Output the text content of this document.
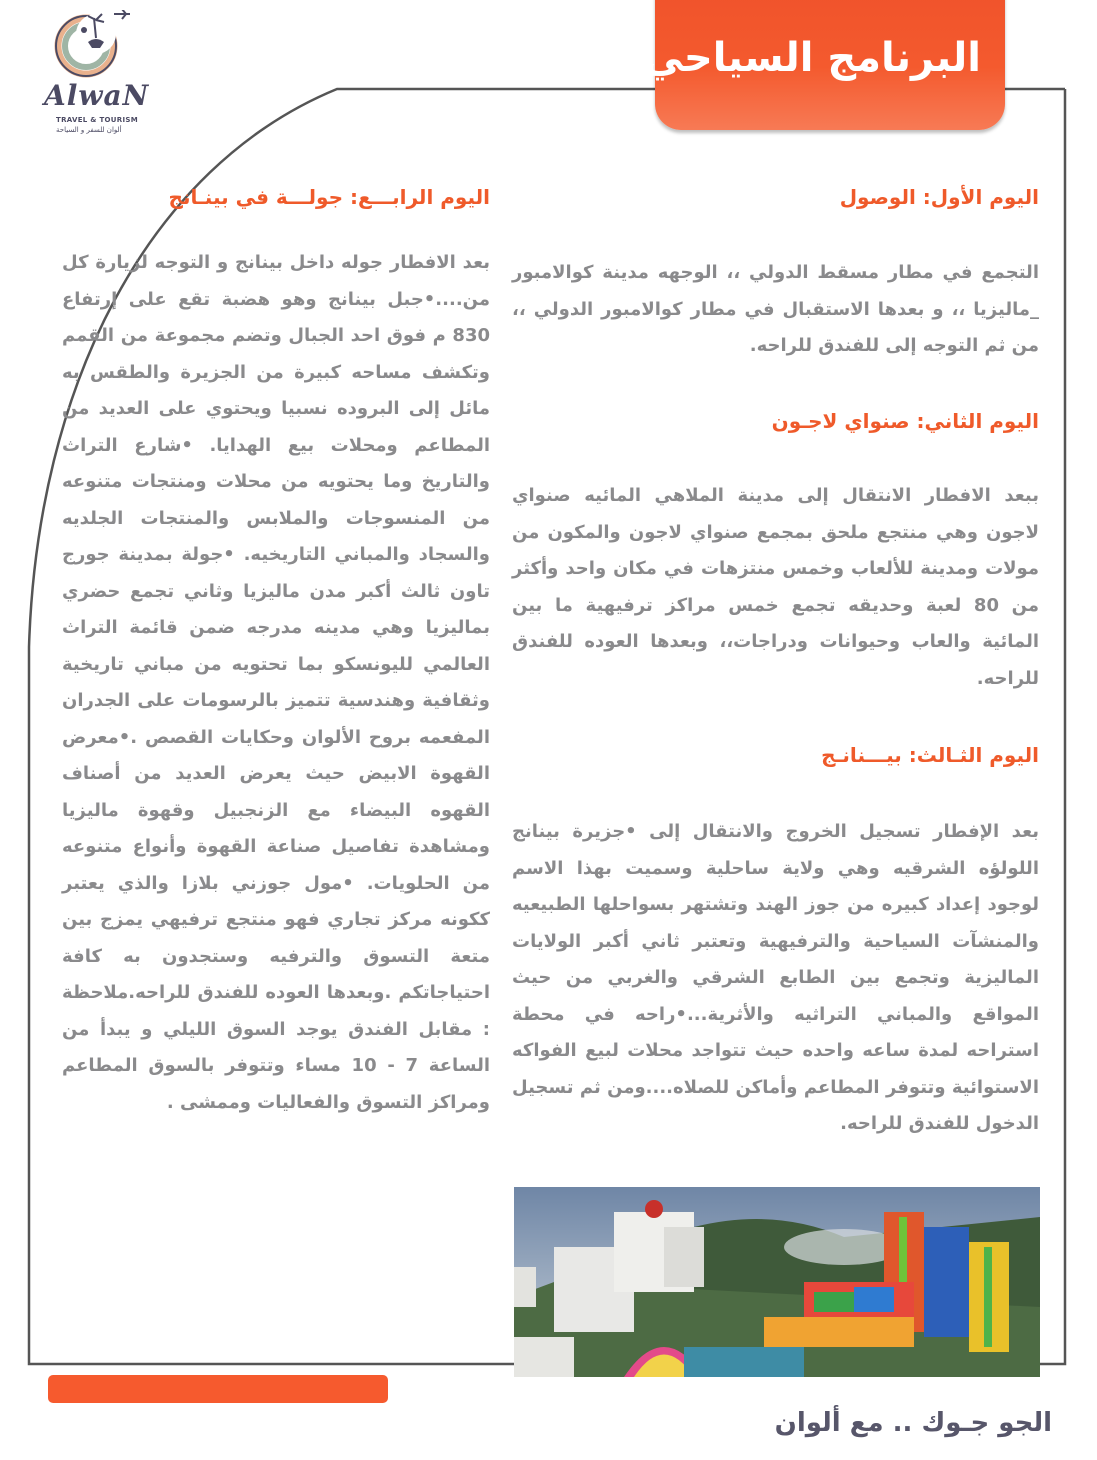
AlwaN
TRAVEL & TOURISM
ألوان للسفر و السياحة
البرنامج السياحي
اليوم الأول: الوصول

التجمع في مطار مسقط الدولي ،، الوجهه مدينة كوالامبور _ماليزيا ،، و بعدها الاستقبال في مطار كوالامبور الدولي ،، من ثم التوجه إلى للفندق للراحه.

اليوم الثاني: صنواي لاجـون

ببعد الافطار الانتقال إلى مدينة الملاهي المائيه صنواي لاجون وهي منتجع ملحق بمجمع صنواي لاجون والمكون من مولات ومدينة للألعاب وخمس منتزهات في مكان واحد وأكثر من 80 لعبة وحديقه تجمع خمس مراكز ترفيهية ما بين المائية والعاب وحيوانات ودراجات،، وبعدها العوده للفندق للراحه.

اليوم الثـالث: بيـــنانـج

بعد الإفطار تسجيل الخروج والانتقال إلى •جزيرة بينانج اللولؤه الشرقيه وهي ولاية ساحلية وسميت بهذا الاسم لوجود إعداد كبيره من جوز الهند وتشتهر بسواحلها الطبيعيه والمنشآت السياحية والترفيهية وتعتبر ثاني أكبر الولايات الماليزية وتجمع بين الطابع الشرقي والغربي من حيث المواقع والمباني التراثيه والأثرية...•راحه في محطة استراحه لمدة ساعه واحده حيث تتواجد محلات لبيع الفواكه الاستوائية وتتوفر المطاعم وأماكن للصلاه....ومن ثم تسجيل الدخول للفندق للراحه.

اليوم الرابـــع: جولـــة في بينـانج

بعد الافطار جوله داخل بينانج و التوجه لزيارة كل من....•جبل بينانج وهو هضبة تقع على إرتفاع 830 م فوق احد الجبال وتضم مجموعة من القمم وتكشف مساحه كبيرة من الجزيرة والطقس به مائل إلى البروده نسبيا ويحتوي على العديد من المطاعم ومحلات بيع الهدايا. •شارع التراث والتاريخ وما يحتويه من محلات ومنتجات متنوعه من المنسوجات والملابس والمنتجات الجلديه والسجاد والمباني التاريخيه. •جولة بمدينة جورج تاون ثالث أكبر مدن ماليزيا وثاني تجمع حضري بماليزيا وهي مدينه مدرجه ضمن قائمة التراث العالمي لليونسكو بما تحتويه من مباني تاريخية وثقافية وهندسية تتميز بالرسومات على الجدران المفعمه بروح الألوان وحكايات القصص .•معرض القهوة الابيض حيث يعرض العديد من أصناف القهوه البيضاء مع الزنجبيل وقهوة ماليزيا ومشاهدة تفاصيل صناعة القهوة وأنواع متنوعه من الحلويات. •مول جوزني بلازا والذي يعتبر ككونه مركز تجاري فهو منتجع ترفيهي يمزج بين متعة التسوق والترفيه وستجدون به كافة احتياجاتكم .وبعدها العوده للفندق للراحه.ملاحظة : مقابل الفندق يوجد السوق الليلي و يبدأ من الساعة 7 - 10 مساء وتتوفر بالسوق المطاعم ومراكز التسوق والفعاليات وممشى .

الجو جـوك .. مع ألوان
